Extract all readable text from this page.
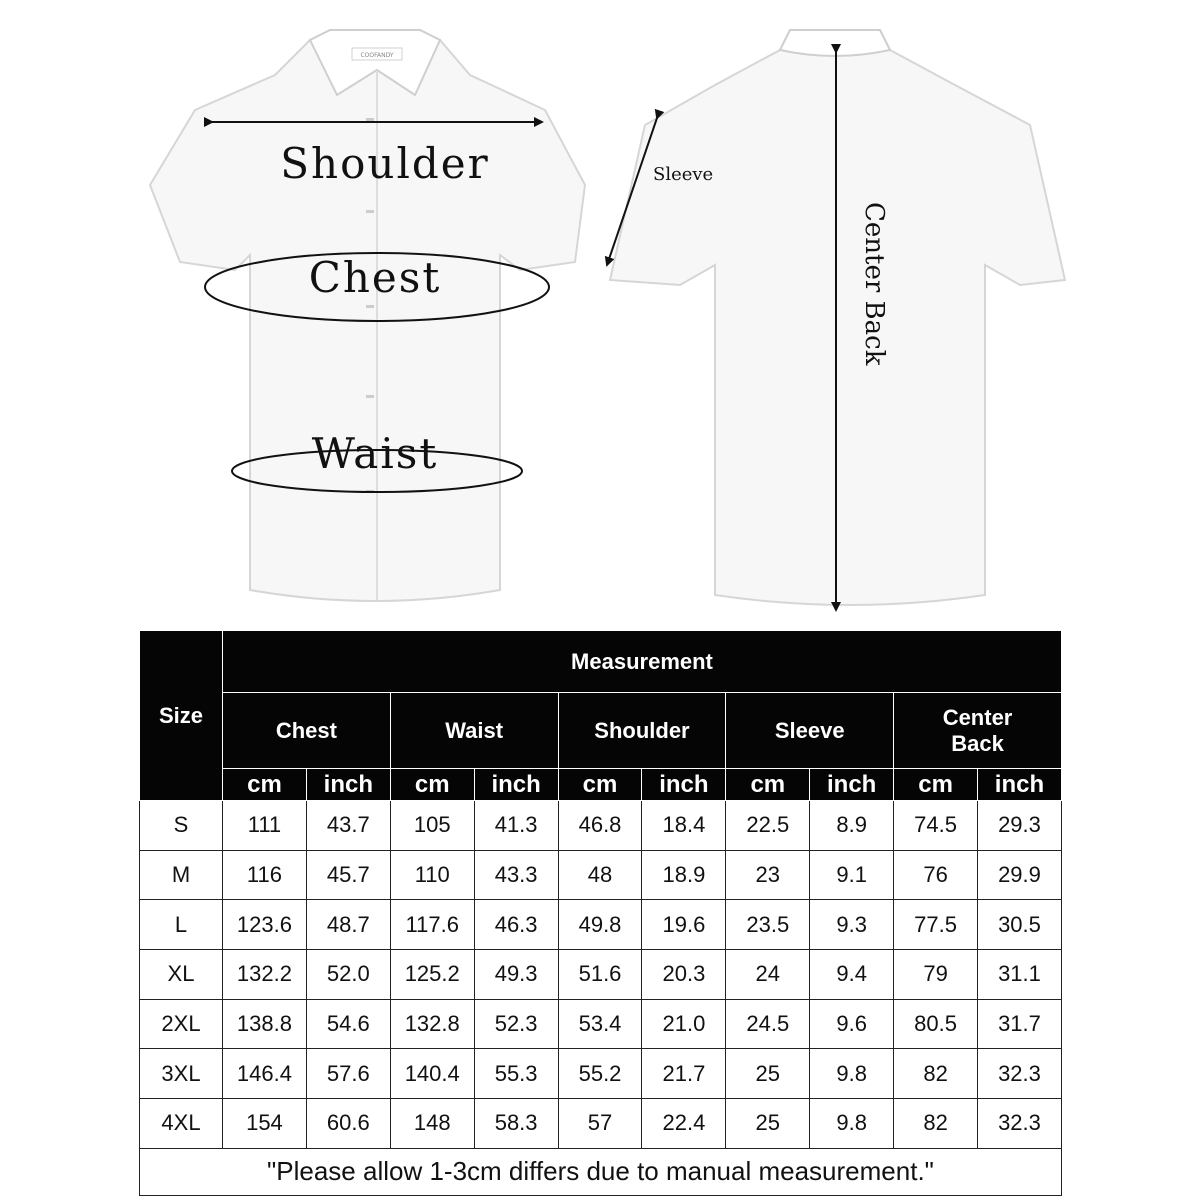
COOFANDY
Shoulder
Chest
Waist
Sleeve
Center Back
Size	Measurement									
	Chest		Waist		Shoulder		Sleeve		Center Back	
	cm	inch	cm	inch	cm	inch	cm	inch	cm	inch
S	111	43.7	105	41.3	46.8	18.4	22.5	8.9	74.5	29.3
M	116	45.7	110	43.3	48	18.9	23	9.1	76	29.9
L	123.6	48.7	117.6	46.3	49.8	19.6	23.5	9.3	77.5	30.5
XL	132.2	52.0	125.2	49.3	51.6	20.3	24	9.4	79	31.1
2XL	138.8	54.6	132.8	52.3	53.4	21.0	24.5	9.6	80.5	31.7
3XL	146.4	57.6	140.4	55.3	55.2	21.7	25	9.8	82	32.3
4XL	154	60.6	148	58.3	57	22.4	25	9.8	82	32.3
"Please allow 1-3cm differs due to manual measurement."										
